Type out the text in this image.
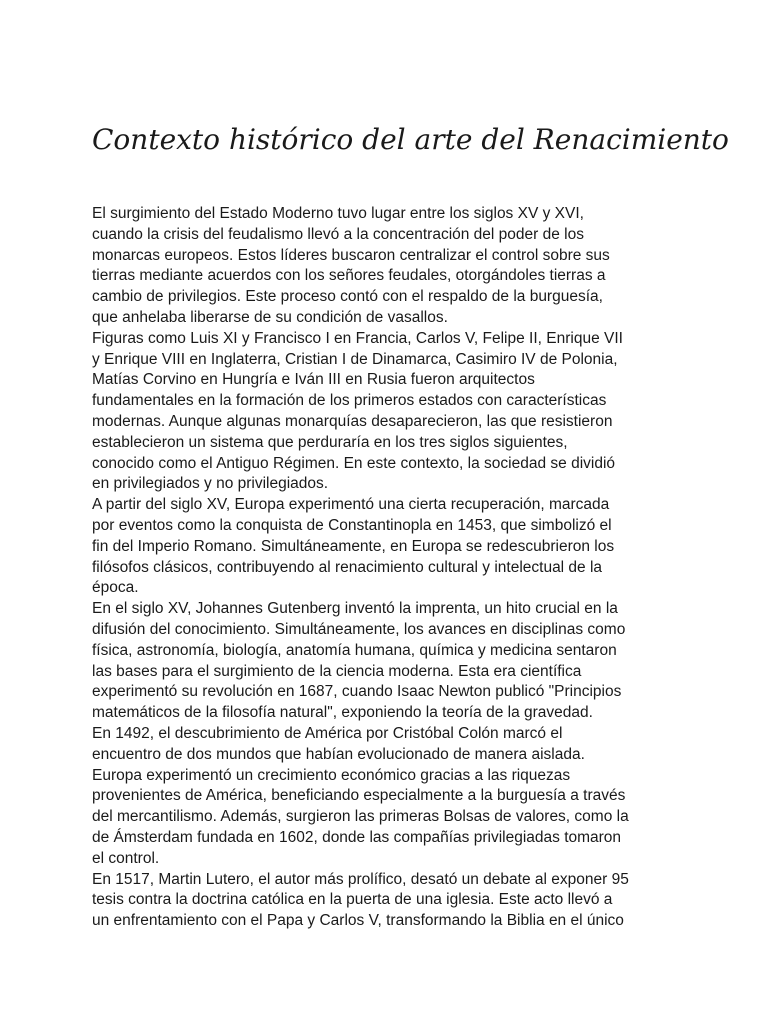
Contexto histórico del arte del Renacimiento
El surgimiento del Estado Moderno tuvo lugar entre los siglos XV y XVI,
cuando la crisis del feudalismo llevó a la concentración del poder de los
monarcas europeos. Estos líderes buscaron centralizar el control sobre sus
tierras mediante acuerdos con los señores feudales, otorgándoles tierras a
cambio de privilegios. Este proceso contó con el respaldo de la burguesía,
que anhelaba liberarse de su condición de vasallos.
Figuras como Luis XI y Francisco I en Francia, Carlos V, Felipe II, Enrique VII
y Enrique VIII en Inglaterra, Cristian I de Dinamarca, Casimiro IV de Polonia,
Matías Corvino en Hungría e Iván III en Rusia fueron arquitectos
fundamentales en la formación de los primeros estados con características
modernas. Aunque algunas monarquías desaparecieron, las que resistieron
establecieron un sistema que perduraría en los tres siglos siguientes,
conocido como el Antiguo Régimen. En este contexto, la sociedad se dividió
en privilegiados y no privilegiados.
A partir del siglo XV, Europa experimentó una cierta recuperación, marcada
por eventos como la conquista de Constantinopla en 1453, que simbolizó el
fin del Imperio Romano. Simultáneamente, en Europa se redescubrieron los
filósofos clásicos, contribuyendo al renacimiento cultural y intelectual de la
época.
En el siglo XV, Johannes Gutenberg inventó la imprenta, un hito crucial en la
difusión del conocimiento. Simultáneamente, los avances en disciplinas como
física, astronomía, biología, anatomía humana, química y medicina sentaron
las bases para el surgimiento de la ciencia moderna. Esta era científica
experimentó su revolución en 1687, cuando Isaac Newton publicó "Principios
matemáticos de la filosofía natural", exponiendo la teoría de la gravedad.
En 1492, el descubrimiento de América por Cristóbal Colón marcó el
encuentro de dos mundos que habían evolucionado de manera aislada.
Europa experimentó un crecimiento económico gracias a las riquezas
provenientes de América, beneficiando especialmente a la burguesía a través
del mercantilismo. Además, surgieron las primeras Bolsas de valores, como la
de Ámsterdam fundada en 1602, donde las compañías privilegiadas tomaron
el control.
En 1517, Martin Lutero, el autor más prolífico, desató un debate al exponer 95
tesis contra la doctrina católica en la puerta de una iglesia. Este acto llevó a
un enfrentamiento con el Papa y Carlos V, transformando la Biblia en el único
